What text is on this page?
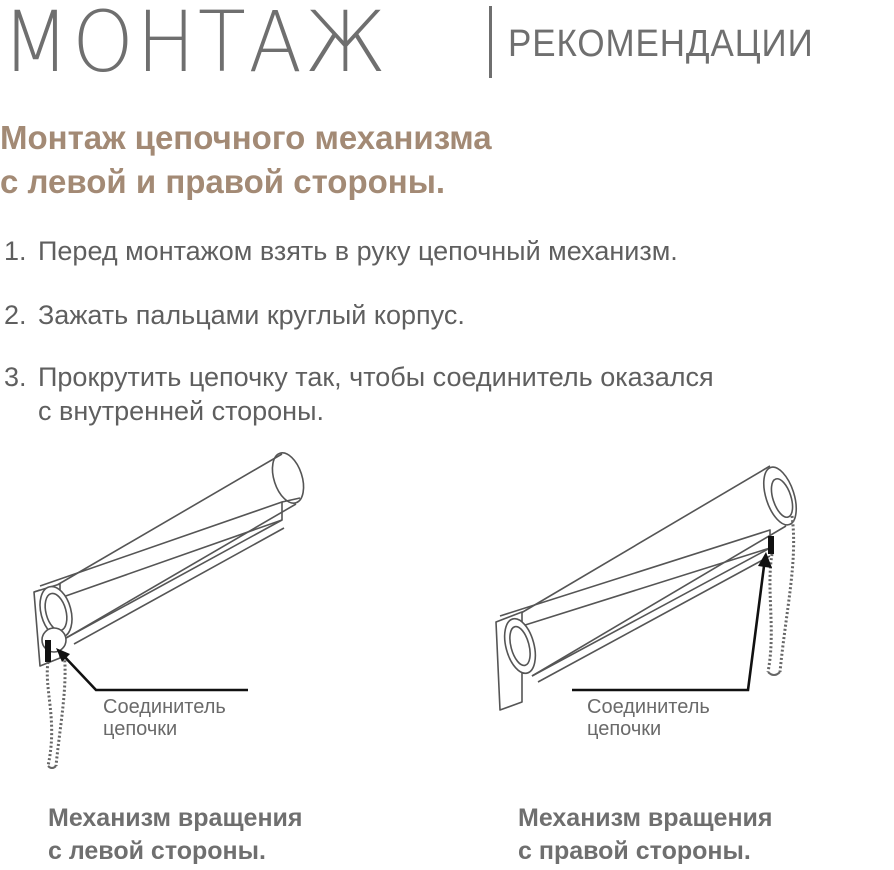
МОНТАЖ	РЕКОМЕНДАЦИИ
Монтаж цепочного механизма
с левой и правой стороны.
1. Перед монтажом взять в руку цепочный механизм.
2. Зажать пальцами круглый корпус.
3. Прокрутить цепочку так, чтобы соединитель оказался
с внутренней стороны.
Соединитель
цепочки
Механизм вращения
с левой стороны.
Соединитель
цепочки
Механизм вращения
с правой стороны.
